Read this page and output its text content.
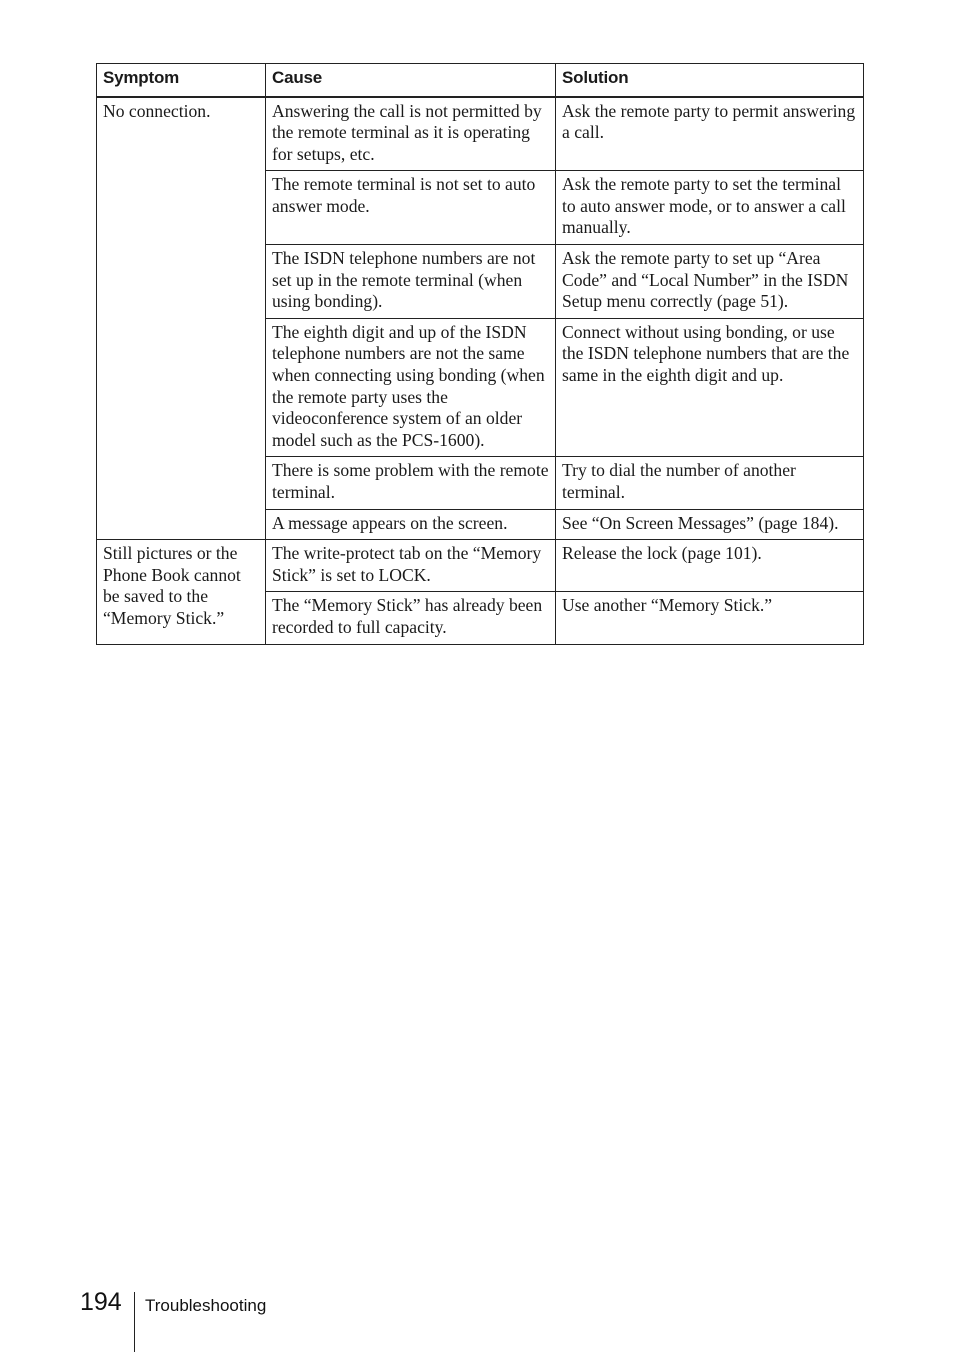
Symptom	Cause	Solution
No connection.	Answering the call is not permitted by the remote terminal as it is operating for setups, etc.	Ask the remote party to permit answering a call.
	The remote terminal is not set to auto answer mode.	Ask the remote party to set the terminal to auto answer mode, or to answer a call manually.
	The ISDN telephone numbers are not set up in the remote terminal (when using bonding).	Ask the remote party to set up “Area Code” and “Local Number” in the ISDN Setup menu correctly (page 51).
	The eighth digit and up of the ISDN telephone numbers are not the same when connecting using bonding (when the remote party uses the videoconference system of an older model such as the PCS-1600).	Connect without using bonding, or use the ISDN telephone numbers that are the same in the eighth digit and up.
	There is some problem with the remote terminal.	Try to dial the number of another terminal.
	A message appears on the screen.	See “On Screen Messages” (page 184).
Still pictures or the Phone Book cannot be saved to the “Memory Stick.”	The write-protect tab on the “Memory Stick” is set to LOCK.	Release the lock (page 101).
	The “Memory Stick” has already been recorded to full capacity.	Use another “Memory Stick.”
194 Troubleshooting
